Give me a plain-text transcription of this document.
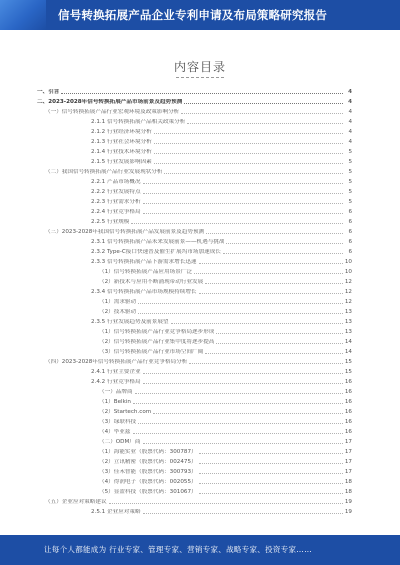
信号转换拓展产品企业专利申请及布局策略研究报告
内容目录
一、引言	4
二、2023-2028年信号转换拓展产品市场前景及趋势预测	4
（一）信号转换拓展产品行业宏观环境及政策影响分析	4
2.1.1 信号转换拓展产品相关政策分析	4
2.1.2 行业经济环境分析	4
2.1.3 行业社会环境分析	4
2.1.4 行业技术环境分析	5
2.1.5 行业发展影响因素	5
（二）我国信号转换拓展产品行业发展现状分析	5
2.2.1 产品市场概况	5
2.2.2 行业发展特点	5
2.2.3 行业需求分析	5
2.2.4 行业竞争格局	6
2.2.5 行业规模	6
（三）2023-2028年我国信号转换拓展产品发展前景及趋势预测	6
2.3.1 信号转换拓展产品未来发展前景——机遇与挑战	6
2.3.2 Type-C接口快速普及催生扩展坞市场加速成长	6
2.3.3 信号转换拓展产品下游需求增长迅速	10
（1）信号转换拓展产品应用场景广泛	10
（2）新技术与应用不断涌现带动行业发展	12
2.3.4 信号转换拓展产品市场规模持续增长	12
（1）需求驱动	12
（2）技术驱动	13
2.3.5 行业发展趋势及前景展望	13
（1）信号转换拓展产品行业竞争格局逐步形成	13
（2）信号转换拓展产品行业集中度将逐步提高	14
（3）信号转换拓展产品行业市场空间广阔	14
（四）2023-2028年信号转换拓展产品行业竞争格局分析	15
2.4.1 行业主要企业	15
2.4.2 行业竞争格局	16
（一）品牌商	16
（1）Belkin	16
（2）Startech.com	16
（3）绿联科技	16
（4）毕亚兹	16
（二）ODM厂商	17
（1）海能实业（股票代码：300787）	17
（2）立讯精密（股票代码：002475）	17
（3）佳禾智能（股票代码：300793）	17
（4）得润电子（股票代码：002055）	18
（5）显盈科技（股票代码：301067）	18
（五）企业应对策略建议	19
2.5.1 企业应对策略	19
让每个人都能成为 行业专家、管理专家、营销专家、战略专家、投资专家……
